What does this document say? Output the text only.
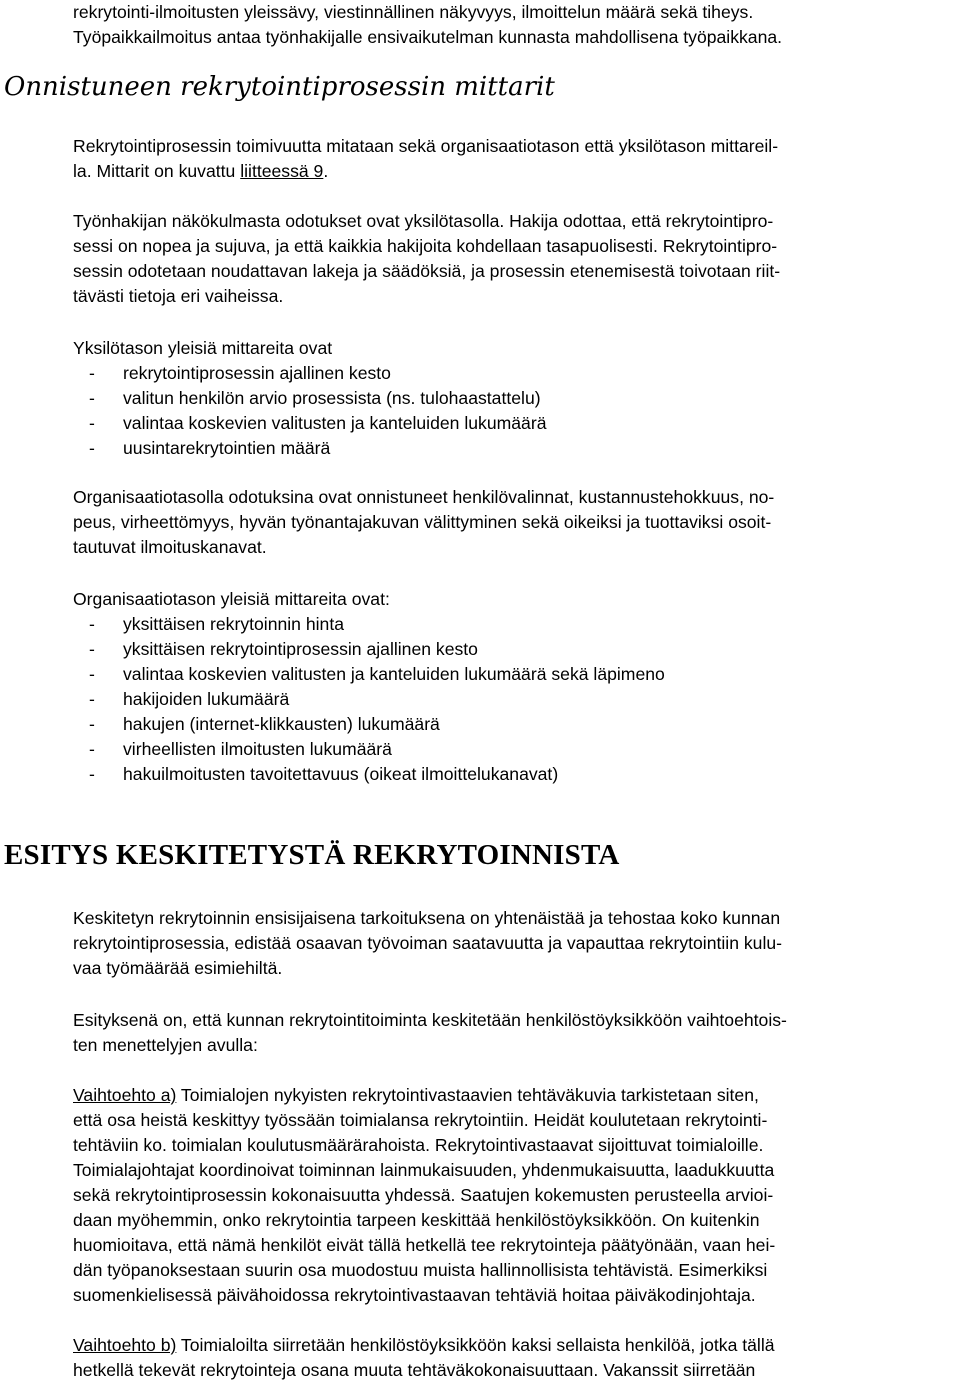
rekrytointi-ilmoitusten yleissävy, viestinnällinen näkyvyys, ilmoittelun määrä sekä tiheys.
Työpaikkailmoitus antaa työnhakijalle ensivaikutelman kunnasta mahdollisena työpaikkana.

Onnistuneen rekrytointiprosessin mittarit

Rekrytointiprosessin toimivuutta mitataan sekä organisaatiotason että yksilötason mittareil-
la. Mittarit on kuvattu liitteessä 9.

Työnhakijan näkökulmasta odotukset ovat yksilötasolla. Hakija odottaa, että rekrytointipro-
sessi on nopea ja sujuva, ja että kaikkia hakijoita kohdellaan tasapuolisesti. Rekrytointipro-
sessin odotetaan noudattavan lakeja ja säädöksiä, ja prosessin etenemisestä toivotaan riit-
tävästi tietoja eri vaiheissa.

Yksilötason yleisiä mittareita ovat

- rekrytointiprosessin ajallinen kesto
- valitun henkilön arvio prosessista (ns. tulohaastattelu)
- valintaa koskevien valitusten ja kanteluiden lukumäärä
- uusintarekrytointien määrä

Organisaatiotasolla odotuksina ovat onnistuneet henkilövalinnat, kustannustehokkuus, no-
peus, virheettömyys, hyvän työnantajakuvan välittyminen sekä oikeiksi ja tuottaviksi osoit-
tautuvat ilmoituskanavat.

Organisaatiotason yleisiä mittareita ovat:

- yksittäisen rekrytoinnin hinta
- yksittäisen rekrytointiprosessin ajallinen kesto
- valintaa koskevien valitusten ja kanteluiden lukumäärä sekä läpimeno
- hakijoiden lukumäärä
- hakujen (internet-klikkausten) lukumäärä
- virheellisten ilmoitusten lukumäärä
- hakuilmoitusten tavoitettavuus (oikeat ilmoittelukanavat)
ESITYS KESKITETYSTÄ REKRYTOINNISTA

Keskitetyn rekrytoinnin ensisijaisena tarkoituksena on yhtenäistää ja tehostaa koko kunnan
rekrytointiprosessia, edistää osaavan työvoiman saatavuutta ja vapauttaa rekrytointiin kulu-
vaa työmäärää esimiehiltä.

Esityksenä on, että kunnan rekrytointitoiminta keskitetään henkilöstöyksikköön vaihtoehtois-
ten menettelyjen avulla:

Vaihtoehto a) Toimialojen nykyisten rekrytointivastaavien tehtäväkuvia tarkistetaan siten,
että osa heistä keskittyy työssään toimialansa rekrytointiin. Heidät koulutetaan rekrytointi-
tehtäviin ko. toimialan koulutusmäärärahoista. Rekrytointivastaavat sijoittuvat toimialoille.
Toimialajohtajat koordinoivat toiminnan lainmukaisuuden, yhdenmukaisuutta, laadukkuutta
sekä rekrytointiprosessin kokonaisuutta yhdessä. Saatujen kokemusten perusteella arvioi-
daan myöhemmin, onko rekrytointia tarpeen keskittää henkilöstöyksikköön. On kuitenkin
huomioitava, että nämä henkilöt eivät tällä hetkellä tee rekrytointeja päätyönään, vaan hei-
dän työpanoksestaan suurin osa muodostuu muista hallinnollisista tehtävistä. Esimerkiksi
suomenkielisessä päivähoidossa rekrytointivastaavan tehtäviä hoitaa päiväkodinjohtaja.

Vaihtoehto b) Toimialoilta siirretään henkilöstöyksikköön kaksi sellaista henkilöä, jotka tällä
hetkellä tekevät rekrytointeja osana muuta tehtäväkokonaisuuttaan. Vakanssit siirretään
